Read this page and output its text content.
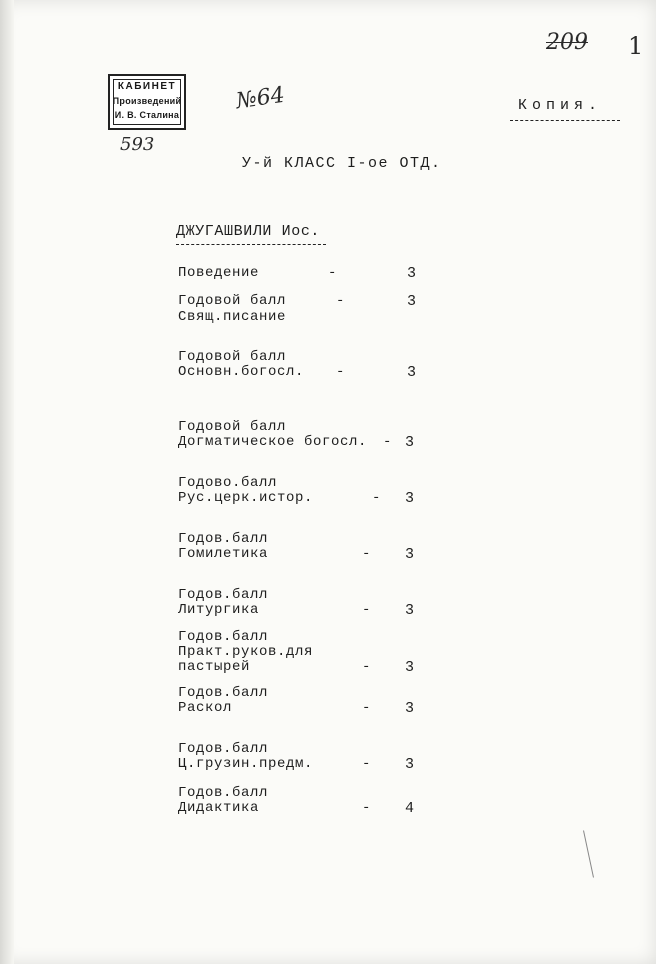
209 1
№64
593
КАБИНЕТ
Произведений
И. В. Сталина
Копия.
У-й КЛАСС I-ое ОТД.
ДЖУГАШВИЛИ Иос.
Поведение	-	3
Годовой балл
Свящ.писание
-	3
Годовой балл
Основн.богосл. -	3
Годовой балл
Догматическое богосл. - 3
Годово.балл
Рус.церк.истор.	- 3
Годов.балл
Гомилетика	- 3
Годов.балл
Литургика	- 3
Годов.балл
Практ.руков.для
пастырей	- 3
Годов.балл
Раскол	- 3
Годов.балл
Ц.грузин.предм.	- 3
Годов.балл
Дидактика	- 4
